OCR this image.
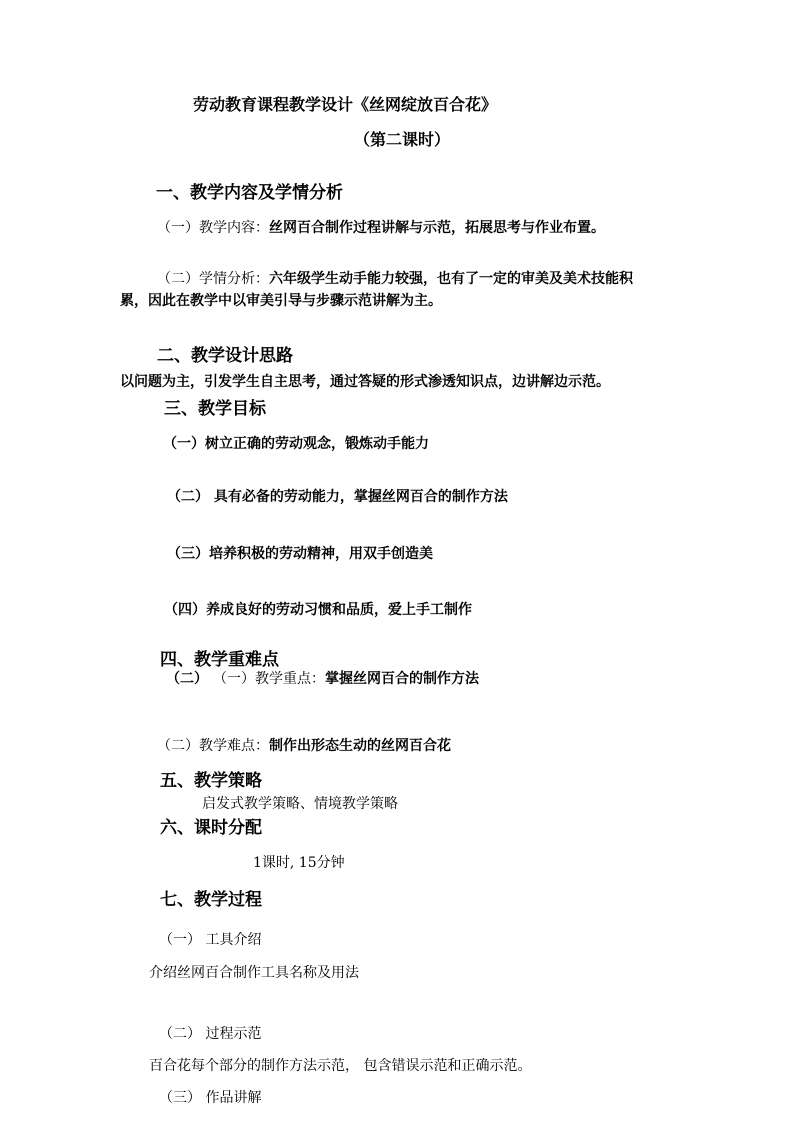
劳动教育课程教学设计《丝网绽放百合花》
（第二课时）
一、教学内容及学情分析
（一）教学内容：丝网百合制作过程讲解与示范，拓展思考与作业布置。
（二）学情分析：六年级学生动手能力较强，也有了一定的审美及美术技能积
累，因此在教学中以审美引导与步骤示范讲解为主。
二、教学设计思路
以问题为主，引发学生自主思考，通过答疑的形式渗透知识点，边讲解边示范。
三、教学目标
（一）树立正确的劳动观念，锻炼动手能力
（二） 具有必备的劳动能力，掌握丝网百合的制作方法
（三）培养积极的劳动精神，用双手创造美
（四）养成良好的劳动习惯和品质，爱上手工制作
四、教学重难点
（二） （一）教学重点：掌握丝网百合的制作方法
（二）教学难点：制作出形态生动的丝网百合花
五、教学策略
启发式教学策略、情境教学策略
六、课时分配
1课时, 15分钟
七、教学过程
（一） 工具介绍
介绍丝网百合制作工具名称及用法
（二） 过程示范
百合花每个部分的制作方法示范， 包含错误示范和正确示范。
（三） 作品讲解
